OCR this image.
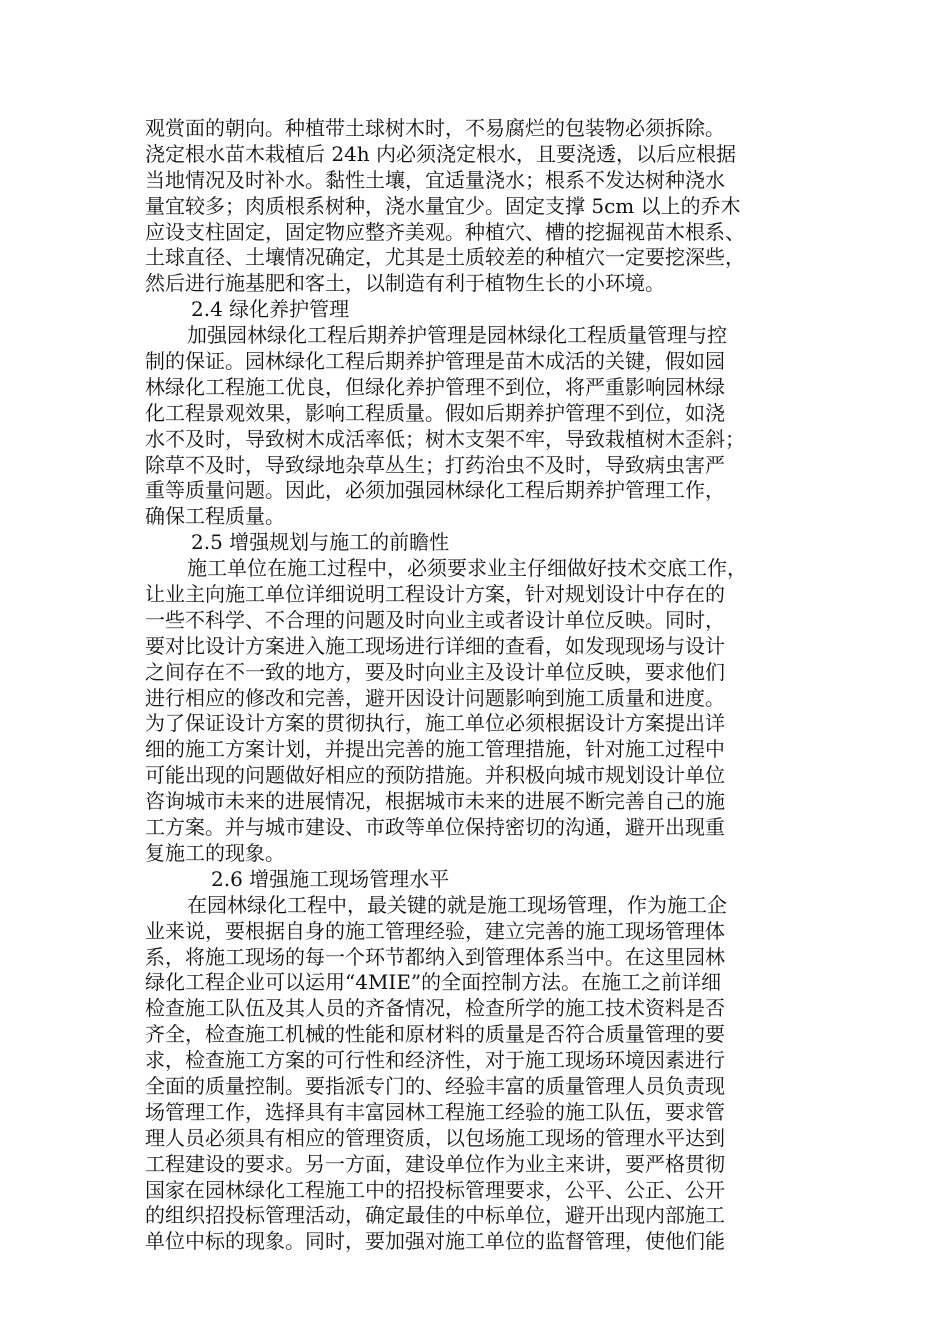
观赏面的朝向。种植带土球树木时，不易腐烂的包装物必须拆除。
浇定根水苗木栽植后 24h 内必须浇定根水，且要浇透，以后应根据
当地情况及时补水。黏性土壤，宜适量浇水；根系不发达树种浇水
量宜较多；肉质根系树种，浇水量宜少。固定支撑 5cm 以上的乔木
应设支柱固定，固定物应整齐美观。种植穴、槽的挖掘视苗木根系、
土球直径、土壤情况确定，尤其是土质较差的种植穴一定要挖深些，
然后进行施基肥和客土，以制造有利于植物生长的小环境。
2.4 绿化养护管理
加强园林绿化工程后期养护管理是园林绿化工程质量管理与控
制的保证。园林绿化工程后期养护管理是苗木成活的关键，假如园
林绿化工程施工优良，但绿化养护管理不到位，将严重影响园林绿
化工程景观效果，影响工程质量。假如后期养护管理不到位，如浇
水不及时，导致树木成活率低；树木支架不牢，导致栽植树木歪斜；
除草不及时，导致绿地杂草丛生；打药治虫不及时，导致病虫害严
重等质量问题。因此，必须加强园林绿化工程后期养护管理工作，
确保工程质量。
2.5 增强规划与施工的前瞻性
施工单位在施工过程中，必须要求业主仔细做好技术交底工作，
让业主向施工单位详细说明工程设计方案，针对规划设计中存在的
一些不科学、不合理的问题及时向业主或者设计单位反映。同时，
要对比设计方案进入施工现场进行详细的查看，如发现现场与设计
之间存在不一致的地方，要及时向业主及设计单位反映，要求他们
进行相应的修改和完善，避开因设计问题影响到施工质量和进度。
为了保证设计方案的贯彻执行，施工单位必须根据设计方案提出详
细的施工方案计划，并提出完善的施工管理措施，针对施工过程中
可能出现的问题做好相应的预防措施。并积极向城市规划设计单位
咨询城市未来的进展情况，根据城市未来的进展不断完善自己的施
工方案。并与城市建设、市政等单位保持密切的沟通，避开出现重
复施工的现象。
2.6 增强施工现场管理水平
在园林绿化工程中，最关键的就是施工现场管理，作为施工企
业来说，要根据自身的施工管理经验，建立完善的施工现场管理体
系，将施工现场的每一个环节都纳入到管理体系当中。在这里园林
绿化工程企业可以运用“4MIE”的全面控制方法。在施工之前详细
检查施工队伍及其人员的齐备情况，检查所学的施工技术资料是否
齐全，检查施工机械的性能和原材料的质量是否符合质量管理的要
求，检查施工方案的可行性和经济性，对于施工现场环境因素进行
全面的质量控制。要指派专门的、经验丰富的质量管理人员负责现
场管理工作，选择具有丰富园林工程施工经验的施工队伍，要求管
理人员必须具有相应的管理资质，以包场施工现场的管理水平达到
工程建设的要求。另一方面，建设单位作为业主来讲，要严格贯彻
国家在园林绿化工程施工中的招投标管理要求，公平、公正、公开
的组织招投标管理活动，确定最佳的中标单位，避开出现内部施工
单位中标的现象。同时，要加强对施工单位的监督管理，使他们能
